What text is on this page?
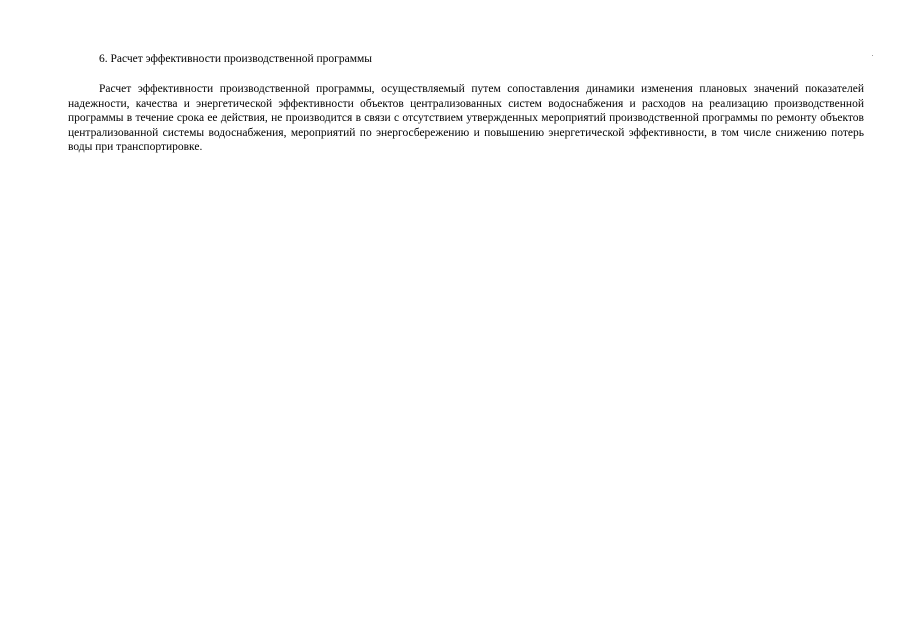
6. Расчет эффективности производственной программы

Расчет эффективности производственной программы, осуществляемый путем сопоставления динамики изменения плановых значений показателей надежности, качества и энергетической эффективности объектов централизованных систем водоснабжения и расходов на реализацию производственной программы в течение срока ее действия, не производится в связи с отсутствием утвержденных мероприятий производственной программы по ремонту объектов централизованной системы водоснабжения, мероприятий по энергосбережению и повышению энергетической эффективности, в том числе снижению потерь воды при транспортировке.
